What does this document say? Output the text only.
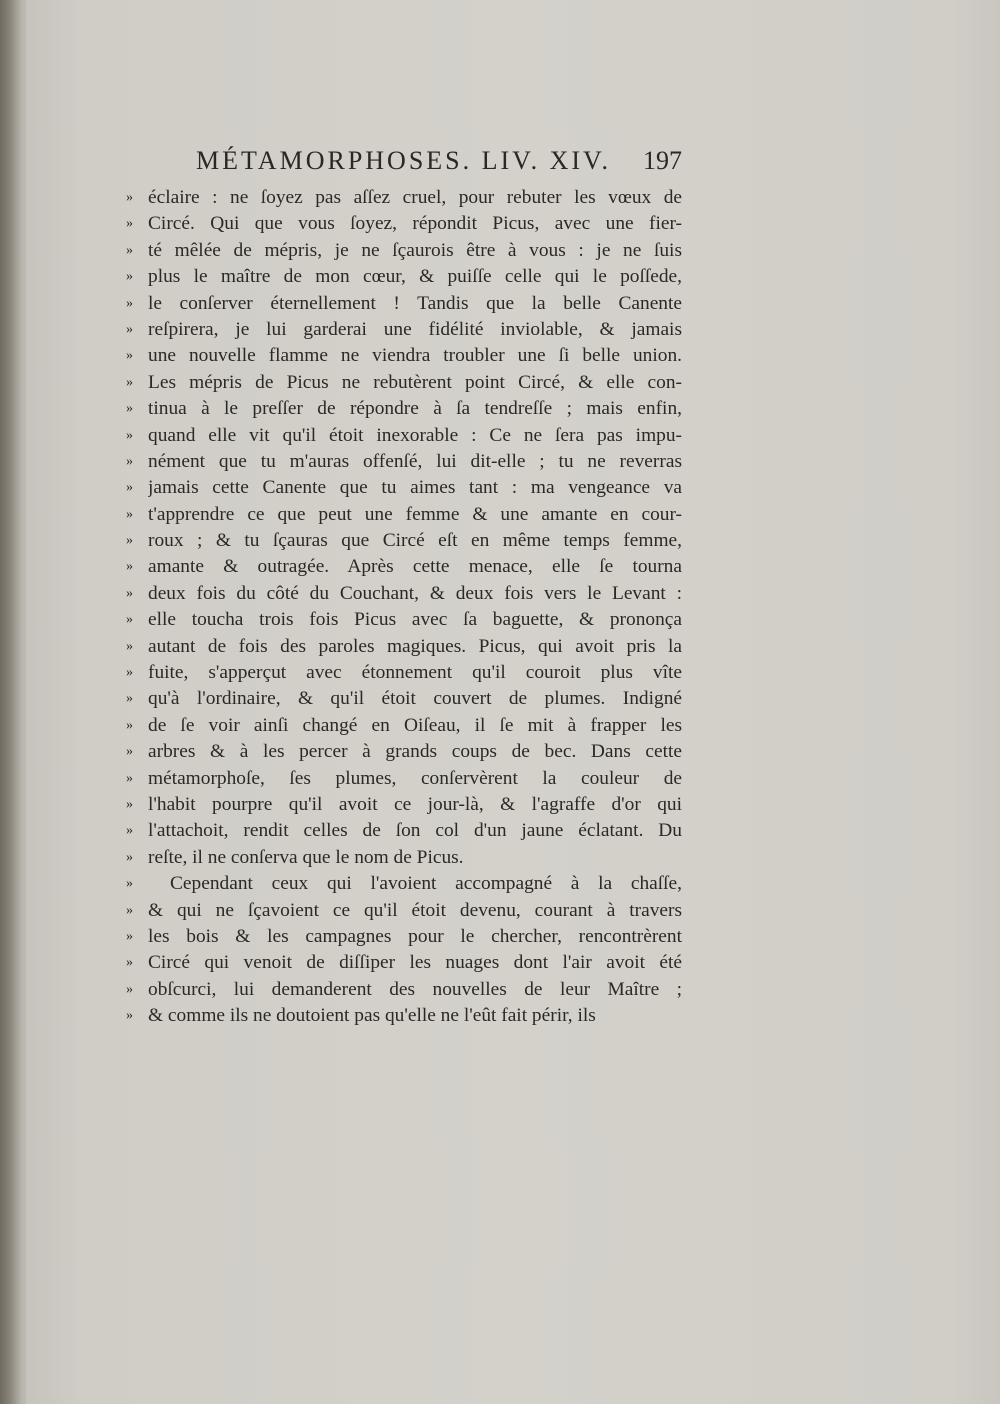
MÉTAMORPHOSES. LIV. XIV. 197
» éclaire : ne ſoyez pas aſſez cruel, pour rebuter les vœux de
» Circé. Qui que vous ſoyez, répondit Picus, avec une fier-
» té mêlée de mépris, je ne ſçaurois être à vous : je ne ſuis
» plus le maître de mon cœur, & puiſſe celle qui le poſſede,
» le conſerver éternellement ! Tandis que la belle Canente
» reſpirera, je lui garderai une fidélité inviolable, & jamais
» une nouvelle flamme ne viendra troubler une ſi belle union.
» Les mépris de Picus ne rebutèrent point Circé, & elle con-
» tinua à le preſſer de répondre à ſa tendreſſe ; mais enfin,
» quand elle vit qu'il étoit inexorable : Ce ne ſera pas impu-
» nément que tu m'auras offenſé, lui dit-elle ; tu ne reverras
» jamais cette Canente que tu aimes tant : ma vengeance va
» t'apprendre ce que peut une femme & une amante en cour-
» roux ; & tu ſçauras que Circé eſt en même temps femme,
» amante & outragée. Après cette menace, elle ſe tourna
» deux fois du côté du Couchant, & deux fois vers le Levant :
» elle toucha trois fois Picus avec ſa baguette, & prononça
» autant de fois des paroles magiques. Picus, qui avoit pris la
» fuite, s'apperçut avec étonnement qu'il couroit plus vîte
» qu'à l'ordinaire, & qu'il étoit couvert de plumes. Indigné
» de ſe voir ainſi changé en Oiſeau, il ſe mit à frapper les
» arbres & à les percer à grands coups de bec. Dans cette
» métamorphoſe, ſes plumes, conſervèrent la couleur de
» l'habit pourpre qu'il avoit ce jour-là, & l'agraffe d'or qui
» l'attachoit, rendit celles de ſon col d'un jaune éclatant. Du
» reſte, il ne conſerva que le nom de Picus.
»	Cependant ceux qui l'avoient accompagné à la chaſſe,
» & qui ne ſçavoient ce qu'il étoit devenu, courant à travers
» les bois & les campagnes pour le chercher, rencontrèrent
» Circé qui venoit de diſſiper les nuages dont l'air avoit été
» obſcurci, lui demanderent des nouvelles de leur Maître ;
» & comme ils ne doutoient pas qu'elle ne l'eût fait périr, ils
